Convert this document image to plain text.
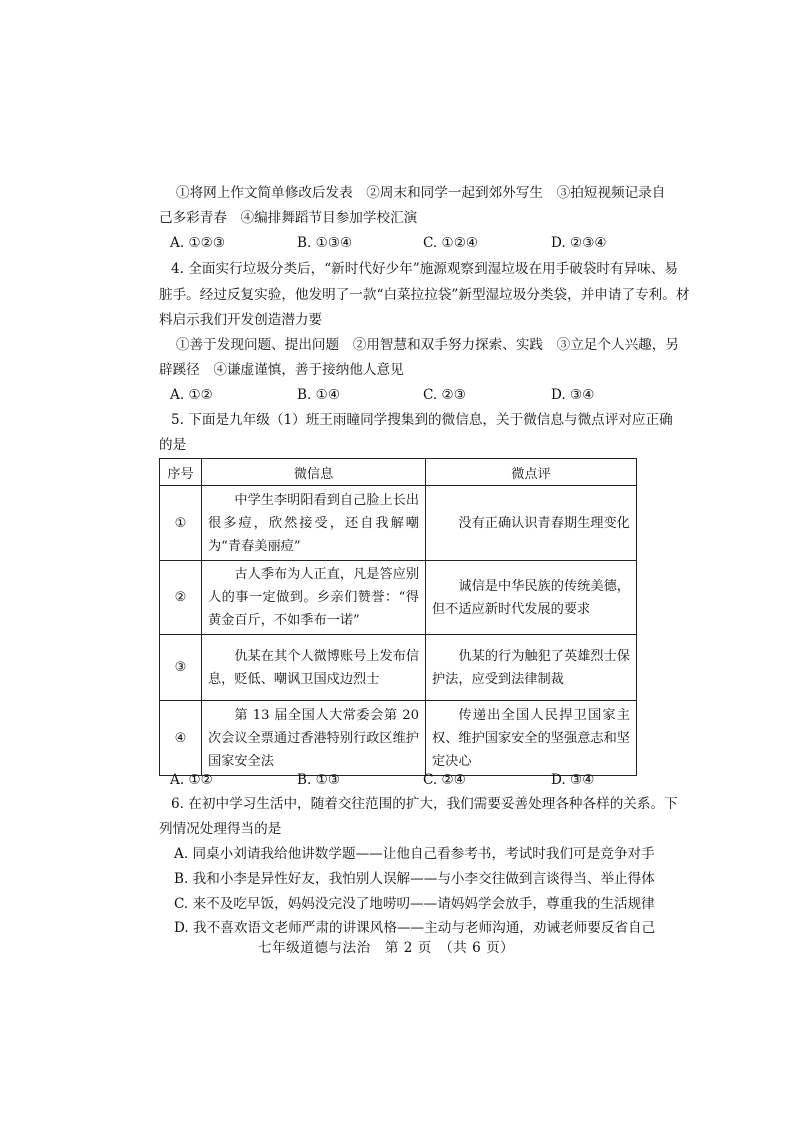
①将网上作文简单修改后发表　②周末和同学一起到郊外写生　③拍短视频记录自
己多彩青春　④编排舞蹈节目参加学校汇演
A. ①②③	B. ①③④	C. ①②④	D. ②③④
4. 全面实行垃圾分类后，“新时代好少年”施源观察到湿垃圾在用手破袋时有异味、易
脏手。经过反复实验，他发明了一款“白菜拉拉袋”新型湿垃圾分类袋，并申请了专利。材
料启示我们开发创造潜力要
①善于发现问题、提出问题　②用智慧和双手努力探索、实践　③立足个人兴趣，另
辟蹊径　④谦虚谨慎，善于接纳他人意见
A. ①②	B. ①④	C. ②③	D. ③④
5. 下面是九年级（1）班王雨瞳同学搜集到的微信息，关于微信息与微点评对应正确
的是
序号	微信息	微点评
①	中学生李明阳看到自己脸上长出很多痘，欣然接受，还自我解嘲为“青春美丽痘”	没有正确认识青春期生理变化

②	古人季布为人正直，凡是答应别人的事一定做到。乡亲们赞誉：“得黄金百斤，不如季布一诺”	诚信是中华民族的传统美德，但不适应新时代发展的要求

③	仇某在其个人微博账号上发布信息，贬低、嘲讽卫国戍边烈士	仇某的行为触犯了英雄烈士保护法，应受到法律制裁

④	第 13 届全国人大常委会第 20 次会议全票通过香港特别行政区维护国家安全法	传递出全国人民捍卫国家主权、维护国家安全的坚强意志和坚定决心
A. ①②	B. ①③	C. ②④	D. ③④
6. 在初中学习生活中，随着交往范围的扩大，我们需要妥善处理各种各样的关系。下
列情况处理得当的是
A. 同桌小刘请我给他讲数学题——让他自己看参考书，考试时我们可是竞争对手
B. 我和小李是异性好友，我怕别人误解——与小李交往做到言谈得当、举止得体
C. 来不及吃早饭，妈妈没完没了地唠叨——请妈妈学会放手，尊重我的生活规律
D. 我不喜欢语文老师严肃的讲课风格——主动与老师沟通，劝诫老师要反省自己
七年级道德与法治　第 2 页　（共 6 页）
